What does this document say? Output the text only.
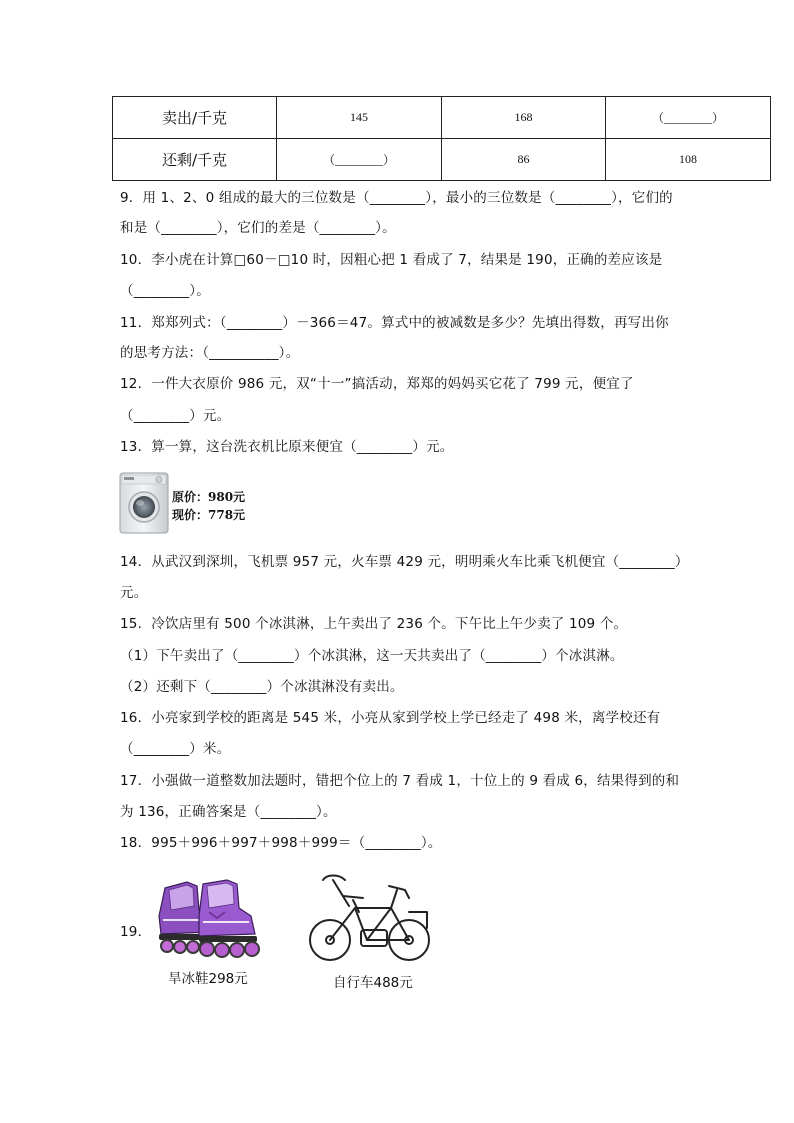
卖出/千克	145	168	（________）
还剩/千克	（________）	86	108
9．用 1、2、0 组成的最大的三位数是（________），最小的三位数是（________），它们的
和是（________），它们的差是（________）。
10．李小虎在计算□60－□10 时，因粗心把 1 看成了 7，结果是 190，正确的差应该是
（________）。
11．郑郑列式：（________）－366＝47。算式中的被减数是多少？先填出得数，再写出你
的思考方法：（__________）。
12．一件大衣原价 986 元，双“十一”搞活动，郑郑的妈妈买它花了 799 元，便宜了
（________）元。
13．算一算，这台洗衣机比原来便宜（________）元。
原价：980元
现价：778元
14．从武汉到深圳，飞机票 957 元，火车票 429 元，明明乘火车比乘飞机便宜（________）
元。
15．冷饮店里有 500 个冰淇淋，上午卖出了 236 个。下午比上午少卖了 109 个。
（1）下午卖出了（________）个冰淇淋，这一天共卖出了（________）个冰淇淋。
（2）还剩下（________）个冰淇淋没有卖出。
16．小亮家到学校的距离是 545 米，小亮从家到学校上学已经走了 498 米，离学校还有
（________）米。
17．小强做一道整数加法题时，错把个位上的 7 看成 1，十位上的 9 看成 6，结果得到的和
为 136，正确答案是（________）。
18．995＋996＋997＋998＋999＝（________）。
19．
旱冰鞋298元	自行车488元
